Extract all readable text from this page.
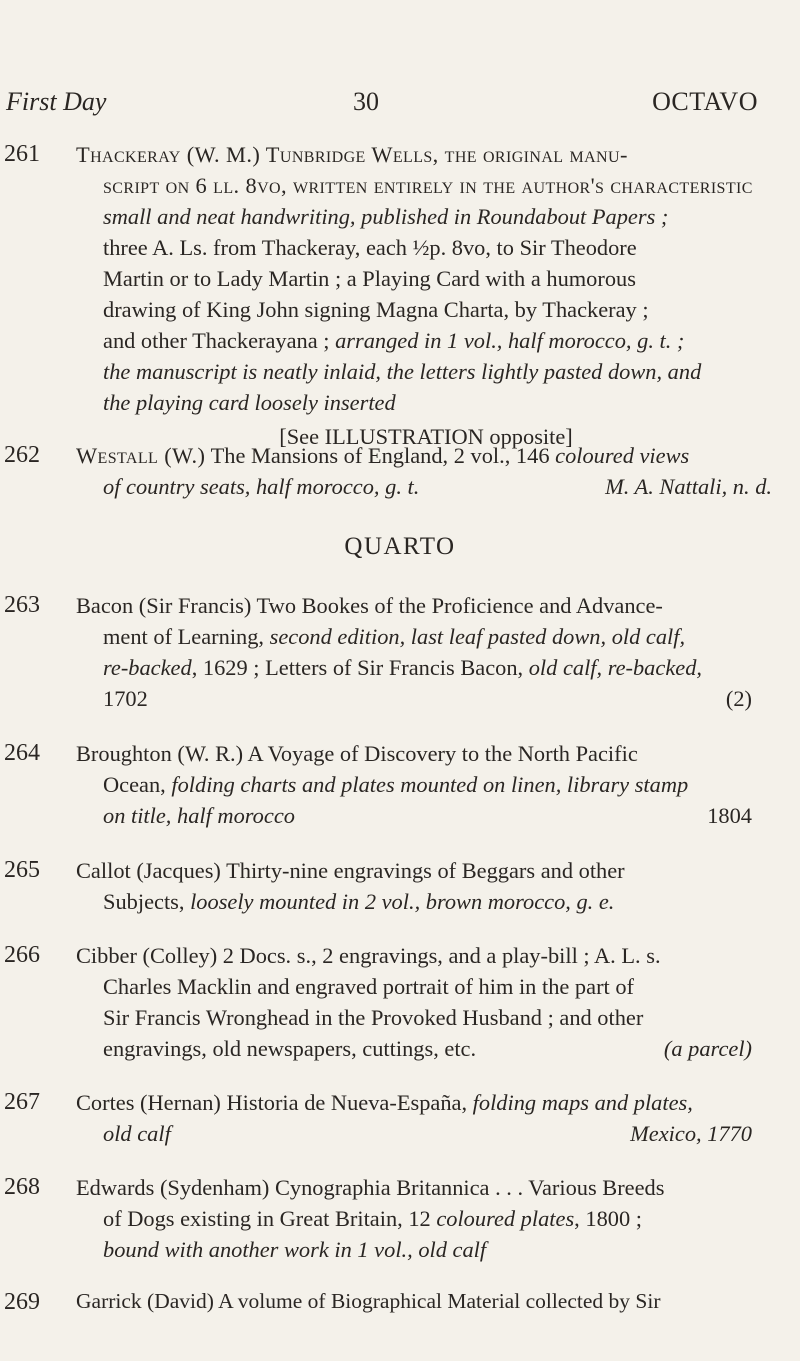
First Day	30	OCTAVO
261	Thackeray (W. M.) Tunbridge Wells, the original manu-

script on 6 ll. 8vo, written entirely in the author's characteristic

small and neat handwriting, published in Roundabout Papers ;

three A. Ls. from Thackeray, each ½p. 8vo, to Sir Theodore

Martin or to Lady Martin ; a Playing Card with a humorous

drawing of King John signing Magna Charta, by Thackeray ;

and other Thackerayana ; arranged in 1 vol., half morocco, g. t. ;

the manuscript is neatly inlaid, the letters lightly pasted down, and

the playing card loosely inserted

[See ILLUSTRATION opposite]

262	Westall (W.) The Mansions of England, 2 vol., 146 coloured views

of country seats, half morocco, g. t.	M. A. Nattali, n. d.

QUARTO
263	Bacon (Sir Francis) Two Bookes of the Proficience and Advance-

ment of Learning, second edition, last leaf pasted down, old calf,

re-backed, 1629 ; Letters of Sir Francis Bacon, old calf, re-backed,

1702	(2)

264	Broughton (W. R.) A Voyage of Discovery to the North Pacific

Ocean, folding charts and plates mounted on linen, library stamp

on title, half morocco	1804

265	Callot (Jacques) Thirty-nine engravings of Beggars and other

Subjects, loosely mounted in 2 vol., brown morocco, g. e.

266	Cibber (Colley) 2 Docs. s., 2 engravings, and a play-bill ; A. L. s.

Charles Macklin and engraved portrait of him in the part of

Sir Francis Wronghead in the Provoked Husband ; and other

engravings, old newspapers, cuttings, etc.	(a parcel)

267	Cortes (Hernan) Historia de Nueva-España, folding maps and plates,

old calf	Mexico, 1770

268	Edwards (Sydenham) Cynographia Britannica . . . Various Breeds

of Dogs existing in Great Britain, 12 coloured plates, 1800 ;

bound with another work in 1 vol., old calf

269	Garrick (David) A volume of Biographical Material collected by Sir
